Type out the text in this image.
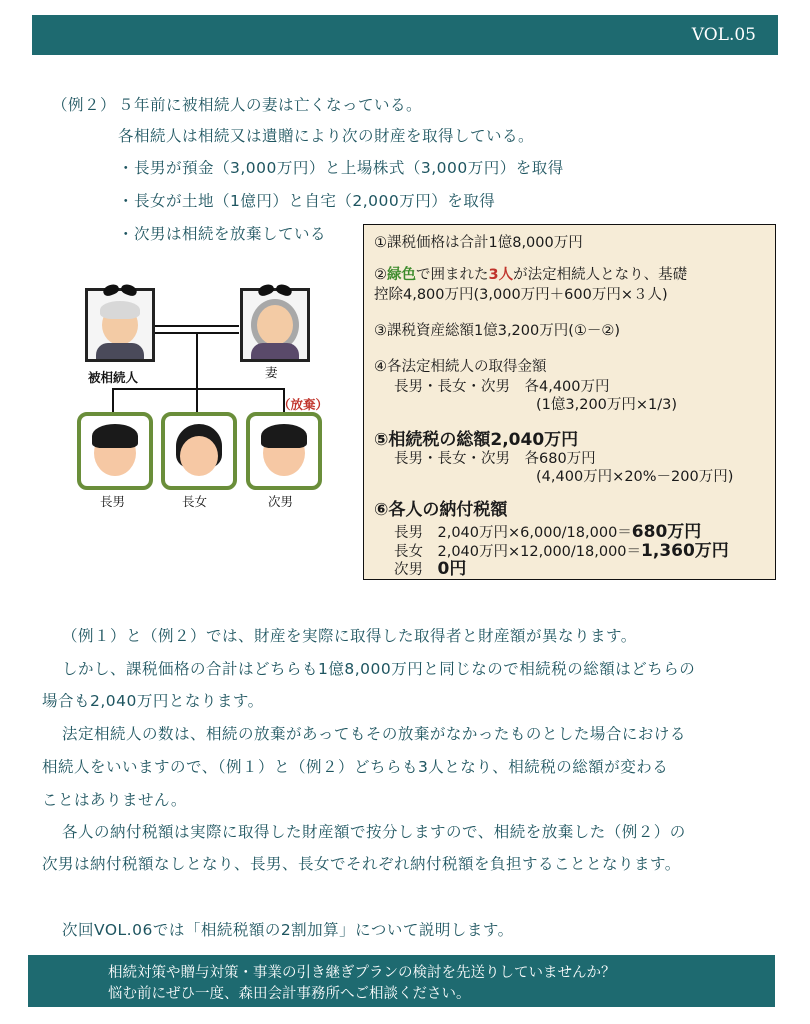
VOL.05
（例２） ５年前に被相続人の妻は亡くなっている。
各相続人は相続又は遺贈により次の財産を取得している。
・長男が預金（3,000万円）と上場株式（3,000万円）を取得
・長女が土地（1億円）と自宅（2,000万円）を取得
・次男は相続を放棄している
被相続人	妻
（放棄）
長男	長女	次男
①課税価格は合計1億8,000万円
②緑色で囲まれた3人が法定相続人となり、基礎
控除4,800万円(3,000万円＋600万円×３人)
③課税資産総額1億3,200万円(①－②)
④各法定相続人の取得金額
長男・長女・次男　各4,400万円
(1億3,200万円×1/3)
⑤相続税の総額2,040万円
長男・長女・次男　各680万円
(4,400万円×20%－200万円)
⑥各人の納付税額
長男　2,040万円×6,000/18,000＝680万円
長女　2,040万円×12,000/18,000＝1,360万円
次男　0円
（例１）と（例２）では、財産を実際に取得した取得者と財産額が異なります。
しかし、課税価格の合計はどちらも1億8,000万円と同じなので相続税の総額はどちらの
場合も2,040万円となります。
法定相続人の数は、相続の放棄があってもその放棄がなかったものとした場合における
相続人をいいますので、（例１）と（例２）どちらも3人となり、相続税の総額が変わる
ことはありません。
各人の納付税額は実際に取得した財産額で按分しますので、相続を放棄した（例２）の
次男は納付税額なしとなり、長男、長女でそれぞれ納付税額を負担することとなります。
次回VOL.06では「相続税額の2割加算」について説明します。
相続対策や贈与対策・事業の引き継ぎプランの検討を先送りしていませんか？
悩む前にぜひ一度、森田会計事務所へご相談ください。
